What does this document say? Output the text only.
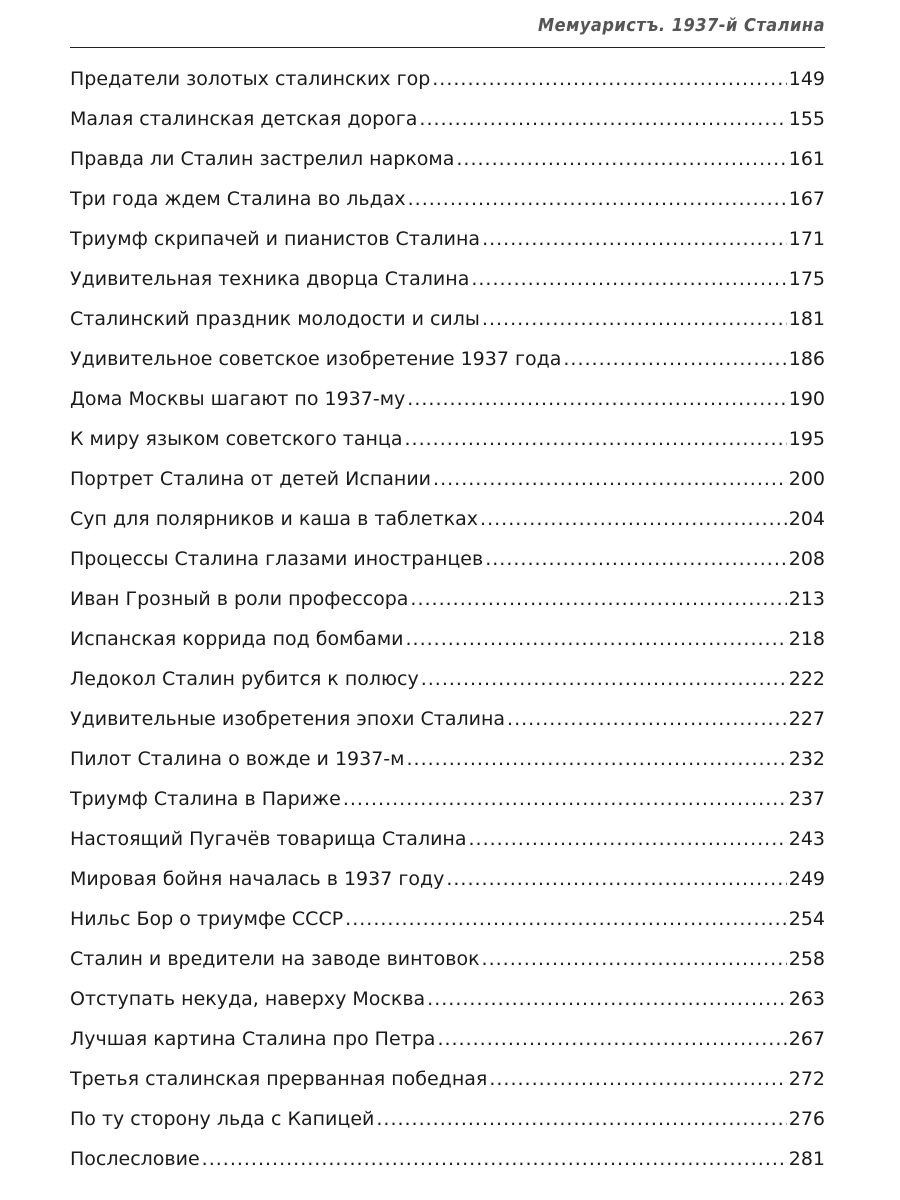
Мемуаристъ. 1937-й Сталина
Предатели золотых сталинских гор .....	149
Малая сталинская детская дорога .....	155
Правда ли Сталин застрелил наркома .....	161
Три года ждем Сталина во льдах .....	167
Триумф скрипачей и пианистов Сталина .....	171
Удивительная техника дворца Сталина .....	175
Сталинский праздник молодости и силы .....	181
Удивительное советское изобретение 1937 года .....	186
Дома Москвы шагают по 1937-му .....	190
К миру языком советского танца .....	195
Портрет Сталина от детей Испании .....	200
Суп для полярников и каша в таблетках .....	204
Процессы Сталина глазами иностранцев .....	208
Иван Грозный в роли профессора .....	213
Испанская коррида под бомбами .....	218
Ледокол Сталин рубится к полюсу .....	222
Удивительные изобретения эпохи Сталина .....	227
Пилот Сталина о вожде и 1937-м .....	232
Триумф Сталина в Париже .....	237
Настоящий Пугачёв товарища Сталина .....	243
Мировая бойня началась в 1937 году .....	249
Нильс Бор о триумфе СССР .....	254
Сталин и вредители на заводе винтовок .....	258
Отступать некуда, наверху Москва .....	263
Лучшая картина Сталина про Петра .....	267
Третья сталинская прерванная победная .....	272
По ту сторону льда с Капицей .....	276
Послесловие .....	281
